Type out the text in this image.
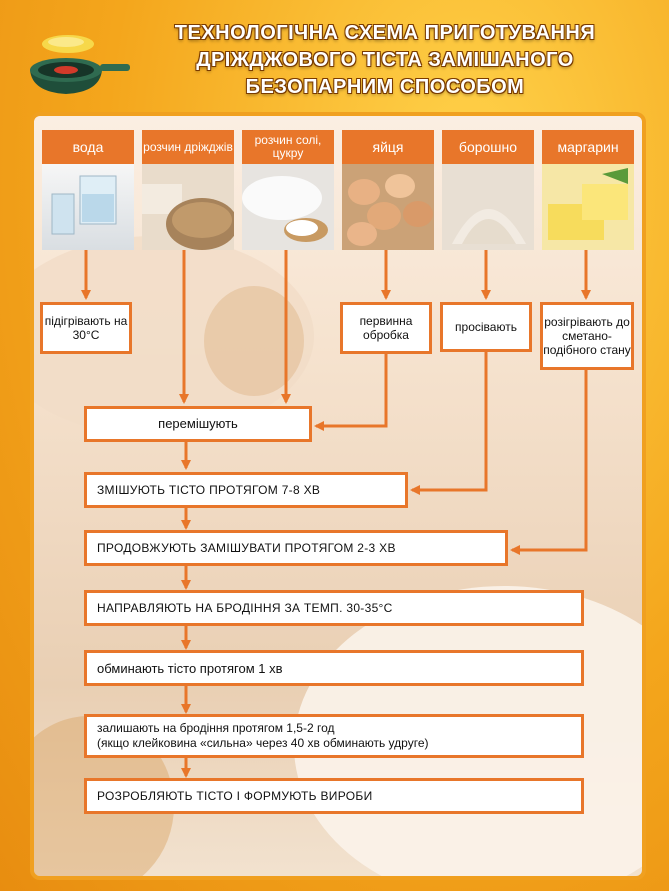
ТЕХНОЛОГІЧНА СХЕМА ПРИГОТУВАННЯ
ДРІЖДЖОВОГО ТІСТА ЗАМІШАНОГО
БЕЗОПАРНИМ СПОСОБОМ
вода	розчин дріжджів	розчин солі, цукру	яйця	борошно	маргарин
підігрівають на 30°С
первинна обробка
просівають	розігрівають до сметано-подібного стану
перемішують
ЗМІШУЮТЬ ТІСТО ПРОТЯГОМ 7-8 ХВ
ПРОДОВЖУЮТЬ ЗАМІШУВАТИ ПРОТЯГОМ 2-3 ХВ
НАПРАВЛЯЮТЬ НА БРОДІННЯ ЗА ТЕМП. 30-35°С
обминають тісто протягом 1 хв
залишають на бродіння протягом 1,5-2 год
(якщо клейковина «сильна» через 40 хв обминають удруге)
РОЗРОБЛЯЮТЬ ТІСТО І ФОРМУЮТЬ ВИРОБИ
